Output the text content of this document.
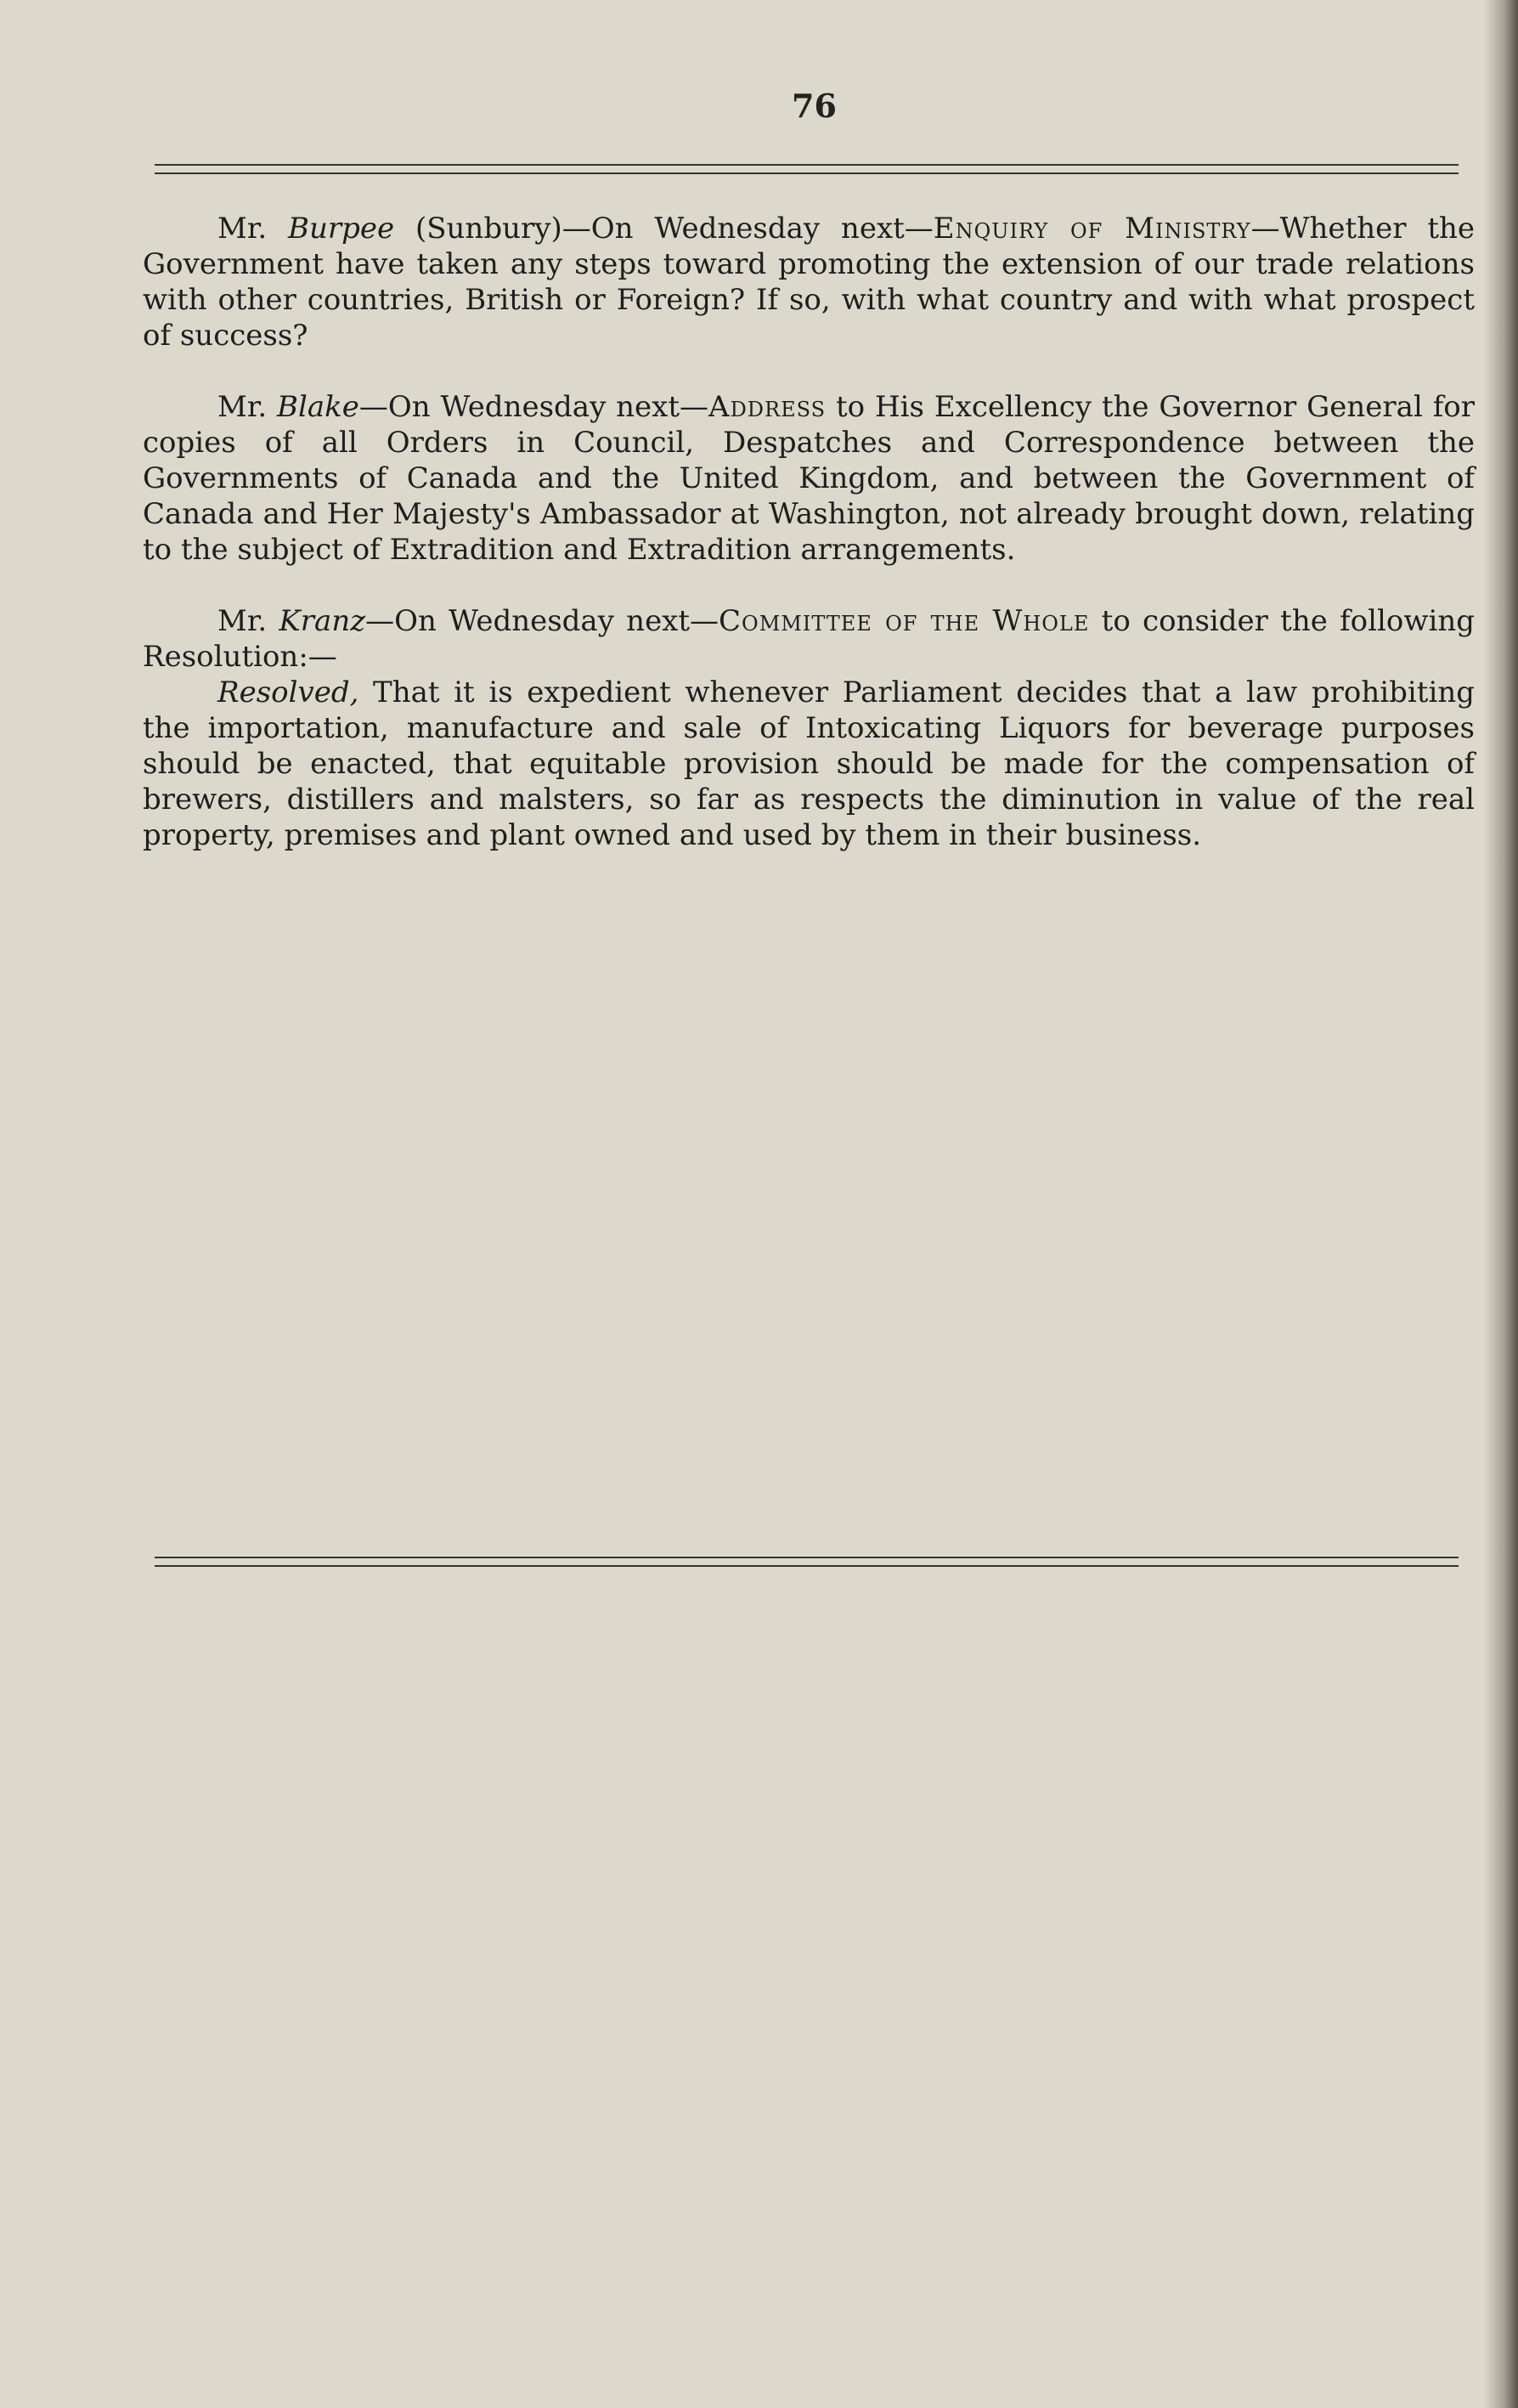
76

Mr. Burpee (Sunbury)—On Wednesday next—Enquiry of Ministry—Whether the Government have taken any steps toward promoting the extension of our trade relations with other countries, British or Foreign? If so, with what country and with what prospect of success?

Mr. Blake—On Wednesday next—Address to His Excellency the Governor General for copies of all Orders in Council, Despatches and Correspondence between the Governments of Canada and the United Kingdom, and between the Government of Canada and Her Majesty's Ambassador at Washington, not already brought down, relating to the subject of Extradition and Extradition arrangements.

Mr. Kranz—On Wednesday next—Committee of the Whole to consider the following Resolution:—

Resolved, That it is expedient whenever Parliament decides that a law prohibiting the importation, manufacture and sale of Intoxicating Liquors for beverage purposes should be enacted, that equitable provision should be made for the compensation of brewers, distillers and malsters, so far as respects the diminution in value of the real property, premises and plant owned and used by them in their business.
